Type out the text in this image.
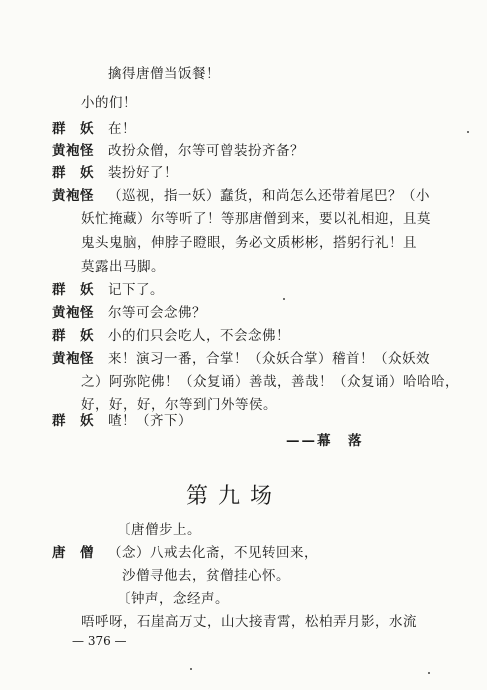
擒得唐僧当饭餐！
小的们！
群　妖 在！
黄袍怪 改扮众僧，尔等可曾装扮齐备？
群　妖 装扮好了！
黄袍怪 （巡视，指一妖）蠢货，和尚怎么还带着尾巴？（小
妖忙掩藏）尔等听了！等那唐僧到来，要以礼相迎，且莫
鬼头鬼脑，伸脖子瞪眼，务必文质彬彬，搭躬行礼！且
莫露出马脚。
群　妖 记下了。
黄袍怪 尔等可会念佛？
群　妖 小的们只会吃人，不会念佛！
黄袍怪 来！演习一番，合掌！（众妖合掌）稽首！（众妖效
之）阿弥陀佛！（众复诵）善哉，善哉！（众复诵）哈哈哈，
好，好，好，尔等到门外等侯。
群　妖 喳！（齐下）
——幕　落
第九场
〔唐僧步上。
唐　僧 （念）八戒去化斋，不见转回来，
沙僧寻他去，贫僧挂心怀。
〔钟声，念经声。
唔呼呀，石崖高万丈，山大接青霄，松柏弄月影，水流
— 376 —
